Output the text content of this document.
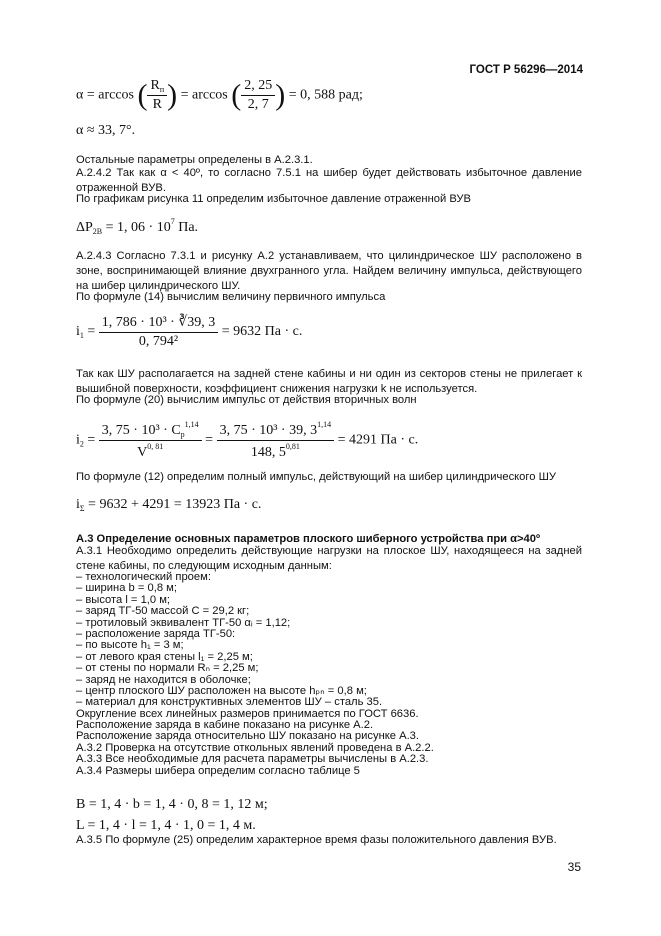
ГОСТ Р 56296—2014
α = arccos ( $\frac{R_п}{R}$ ) = arccos ( $\frac{2, 25}{2, 7}$ ) = 0, 588 рад;
α ≈ 33, 7°.
Остальные параметры определены в А.2.3.1.
А.2.4.2 Так как α < 40º, то согласно 7.5.1 на шибер будет действовать избыточное давление отраженной ВУВ.
По графикам рисунка 11 определим избыточное давление отраженной ВУВ
$\Delta P_{2В} = 1$, $06 \cdot 10^7$ Па.
А.2.4.3 Согласно 7.3.1 и рисунку А.2 устанавливаем, что цилиндрическое ШУ расположено в зоне, воспринимающей влияние двухгранного угла. Найдем величину импульса, действующего на шибер цилиндрического ШУ.
По формуле (14) вычислим величину первичного импульса
$i_1 = \frac{\text{1, 786 · 10³ · ∛39, 3}}{\text{0, 794²}} = 9632$ Па · с.
Так как ШУ располагается на задней стене кабины и ни один из секторов стены не прилегает к вышибной поверхности, коэффициент снижения нагрузки k не используется.
По формуле (20) вычислим импульс от действия вторичных волн
$i_2 = \frac{3, 75 \cdot 10^3 \cdot C_р^{1,14}}{V^{0, 81}} = \frac{3, 75 \cdot 10^3 \cdot 39, 3^{1,14}}{148, 5^{0,81}} = 4291$ Па · с.
По формуле (12) определим полный импульс, действующий на шибер цилиндрического ШУ
$i_\Sigma = 9632 + 4291 = 13923$ Па · с.
А.3 Определение основных параметров плоского шиберного устройства при α>40º
А.3.1 Необходимо определить действующие нагрузки на плоское ШУ, находящееся на задней стене кабины, по следующим исходным данным:
– технологический проем:
– ширина b = 0,8 м;
– высота l = 1,0 м;
– заряд ТГ-50 массой С = 29,2 кг;
– тротиловый эквивалент ТГ-50 αᵢ = 1,12;
– расположение заряда ТГ-50:
– по высоте h₁ = 3 м;
– от левого края стены l₁ = 2,25 м;
– от стены по нормали Rₙ = 2,25 м;
– заряд не находится в оболочке;
– центр плоского ШУ расположен на высоте hₚₙ = 0,8 м;
– материал для конструктивных элементов ШУ – сталь 35.
Округление всех линейных размеров принимается по ГОСТ 6636.
Расположение заряда в кабине показано на рисунке А.2.
Расположение заряда относительно ШУ показано на рисунке А.3.
А.3.2 Проверка на отсутствие откольных явлений проведена в А.2.2.
А.3.3 Все необходимые для расчета параметры вычислены в А.2.3.
А.3.4 Размеры шибера определим согласно таблице 5
B = 1, 4 · b = 1, 4 · 0, 8 = 1, 12 м;
L = 1, 4 · l = 1, 4 · 1, 0 = 1, 4 м.
А.3.5 По формуле (25) определим характерное время фазы положительного давления ВУВ.
35
